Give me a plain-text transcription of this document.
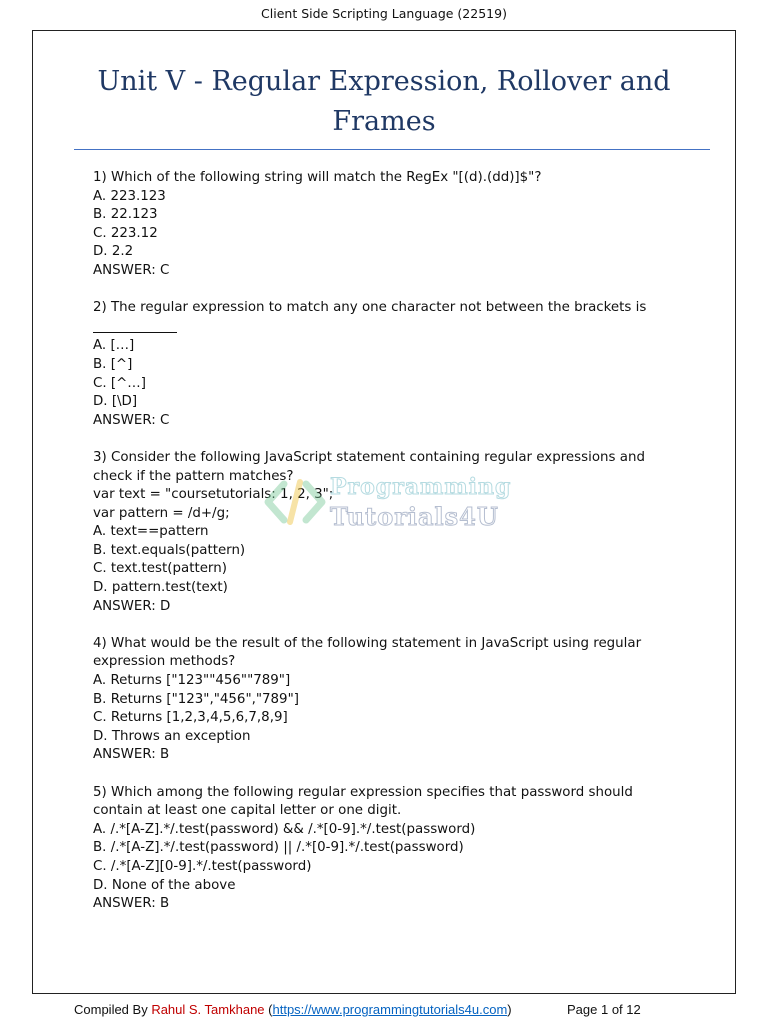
Client Side Scripting Language (22519)
Unit V - Regular Expression, Rollover and
Frames
1) Which of the following string will match the RegEx "[(d).(dd)]$"?
A. 223.123
B. 22.123
C. 223.12
D. 2.2
ANSWER: C
2) The regular expression to match any one character not between the brackets is
A. […]
B. [^]
C. [^…]
D. [\D]
ANSWER: C
3) Consider the following JavaScript statement containing regular expressions and
check if the pattern matches?
var text = "coursetutorials: 1, 2, 3";
var pattern = /d+/g;
A. text==pattern
B. text.equals(pattern)
C. text.test(pattern)
D. pattern.test(text)
ANSWER: D
4) What would be the result of the following statement in JavaScript using regular
expression methods?
A. Returns ["123""456""789"]
B. Returns ["123","456","789"]
C. Returns [1,2,3,4,5,6,7,8,9]
D. Throws an exception
ANSWER: B
5) Which among the following regular expression specifies that password should
contain at least one capital letter or one digit.
A. /.*[A-Z].*/.test(password) && /.*[0-9].*/.test(password)
B. /.*[A-Z].*/.test(password) || /.*[0-9].*/.test(password)
C. /.*[A-Z][0-9].*/.test(password)
D. None of the above
ANSWER: B
Programming
Tutorials4U
Compiled By Rahul S. Tamkhane (https://www.programmingtutorials4u.com)	Page 1 of 12
